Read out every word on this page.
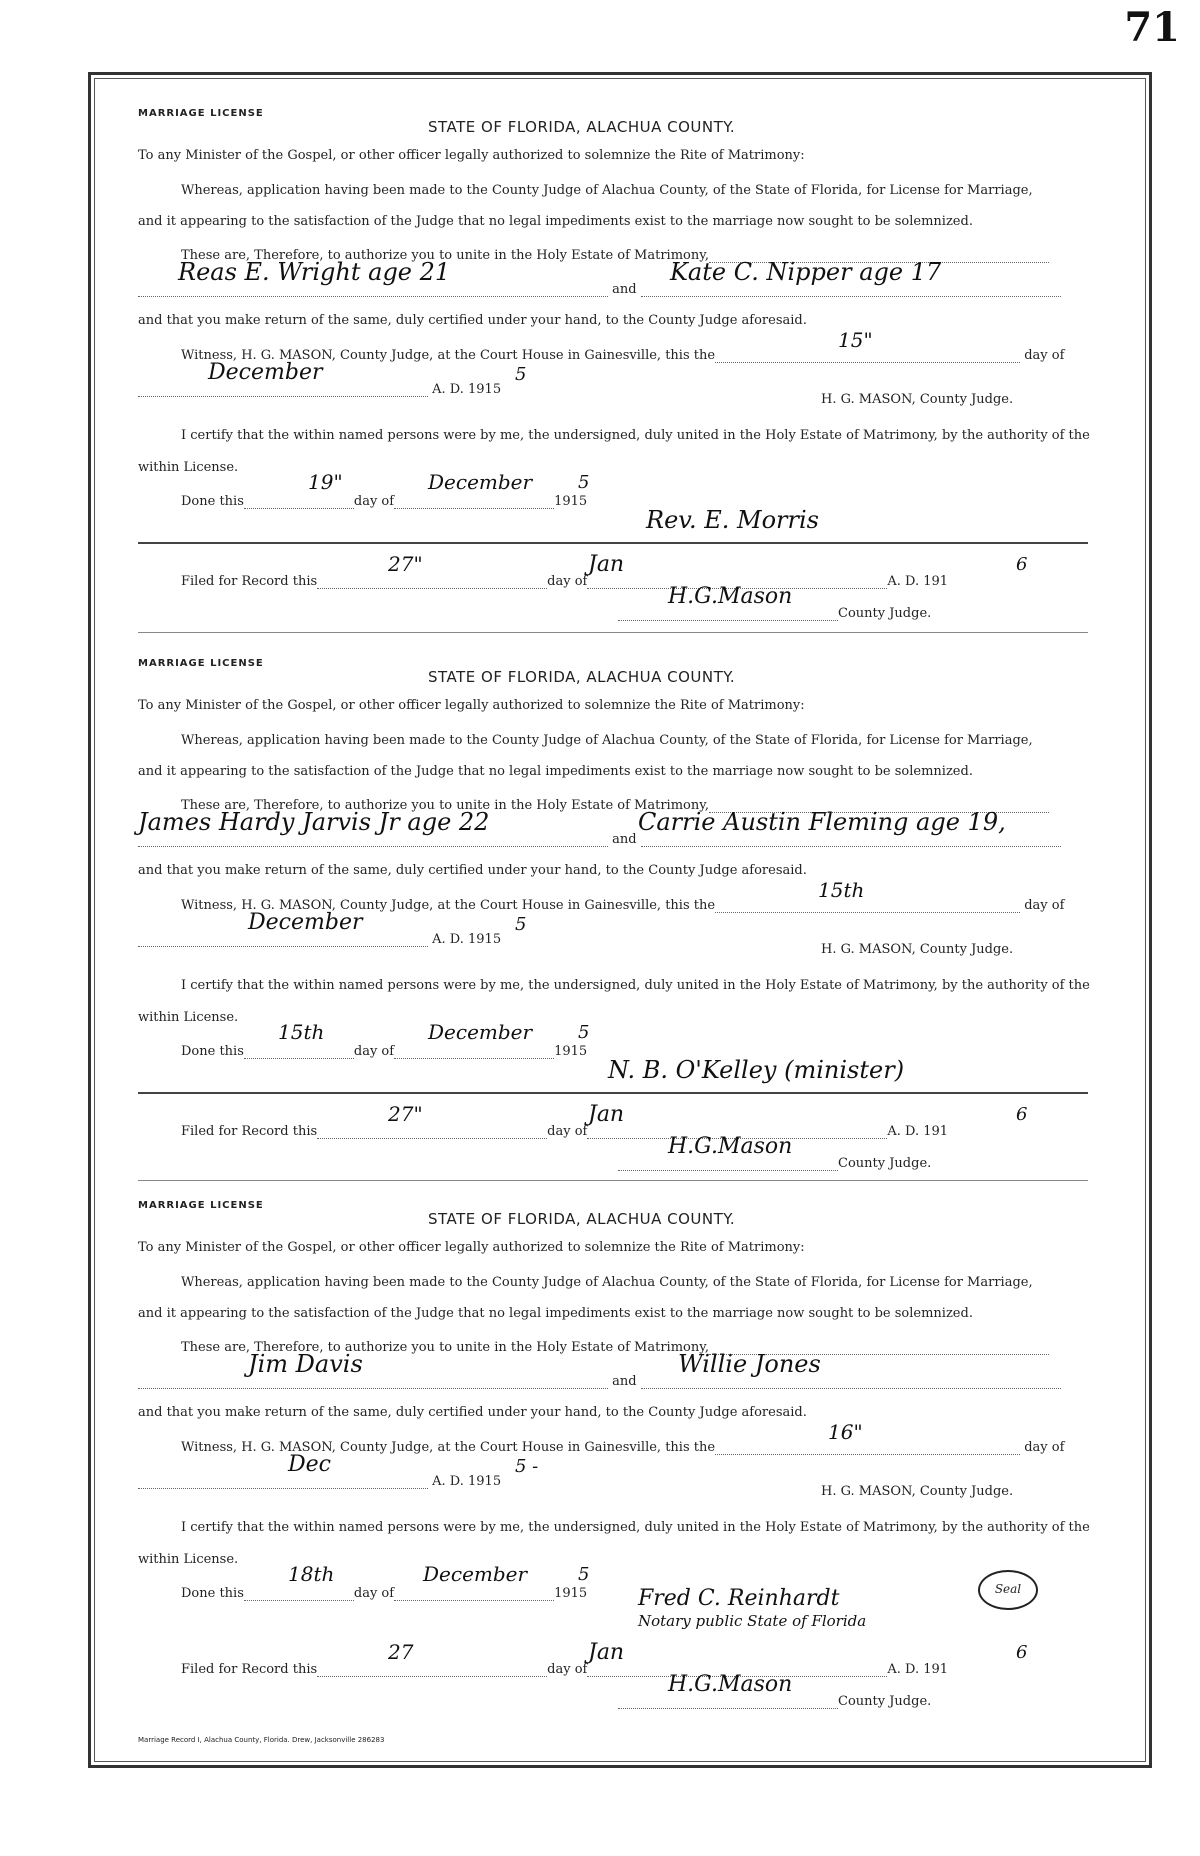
71
MARRIAGE LICENSE
STATE OF FLORIDA, ALACHUA COUNTY.
To any Minister of the Gospel, or other officer legally authorized to solemnize the Rite of Matrimony:
Whereas, application having been made to the County Judge of Alachua County, of the State of Florida, for License for Marriage,
and it appearing to the satisfaction of the Judge that no legal impediments exist to the marriage now sought to be solemnized.
These are, Therefore, to authorize you to unite in the Holy Estate of Matrimony,
and
Reas E. Wright age 21	Kate C. Nipper age 17
and that you make return of the same, duly certified under your hand, to the County Judge aforesaid.
Witness, H. G. MASON, County Judge, at the Court House in Gainesville, this the	day of
15"
A. D. 1915
December	5
H. G. MASON, County Judge.
I certify that the within named persons were by me, the undersigned, duly united in the Holy Estate of Matrimony, by the authority of the
within License.
Done this	day of	1915
19"	December	5
Rev. E. Morris
Filed for Record this	day of	A. D. 191
27"	Jan	6
County Judge.
H.G.Mason
MARRIAGE LICENSE
STATE OF FLORIDA, ALACHUA COUNTY.
To any Minister of the Gospel, or other officer legally authorized to solemnize the Rite of Matrimony:
Whereas, application having been made to the County Judge of Alachua County, of the State of Florida, for License for Marriage,
and it appearing to the satisfaction of the Judge that no legal impediments exist to the marriage now sought to be solemnized.
These are, Therefore, to authorize you to unite in the Holy Estate of Matrimony,
and
James Hardy Jarvis Jr age 22	Carrie Austin Fleming age 19,
and that you make return of the same, duly certified under your hand, to the County Judge aforesaid.
Witness, H. G. MASON, County Judge, at the Court House in Gainesville, this the	day of
15th
A. D. 1915
December	5
H. G. MASON, County Judge.
I certify that the within named persons were by me, the undersigned, duly united in the Holy Estate of Matrimony, by the authority of the
within License.
Done this	day of	1915
15th	December	5
N. B. O'Kelley (minister)
Filed for Record this	day of	A. D. 191
27"	Jan	6
County Judge.
H.G.Mason
MARRIAGE LICENSE
STATE OF FLORIDA, ALACHUA COUNTY.
To any Minister of the Gospel, or other officer legally authorized to solemnize the Rite of Matrimony:
Whereas, application having been made to the County Judge of Alachua County, of the State of Florida, for License for Marriage,
and it appearing to the satisfaction of the Judge that no legal impediments exist to the marriage now sought to be solemnized.
These are, Therefore, to authorize you to unite in the Holy Estate of Matrimony,
and
Jim Davis	Willie Jones
and that you make return of the same, duly certified under your hand, to the County Judge aforesaid.
Witness, H. G. MASON, County Judge, at the Court House in Gainesville, this the	day of
16"
A. D. 1915
Dec	5 -
H. G. MASON, County Judge.
I certify that the within named persons were by me, the undersigned, duly united in the Holy Estate of Matrimony, by the authority of the
within License.
Done this	day of	1915
18th	December	5
Fred C. Reinhardt
Notary public State of Florida
Seal
Filed for Record this	day of	A. D. 191
27	Jan	6
County Judge.
H.G.Mason
Marriage Record I, Alachua County, Florida. Drew, Jacksonville 286283
